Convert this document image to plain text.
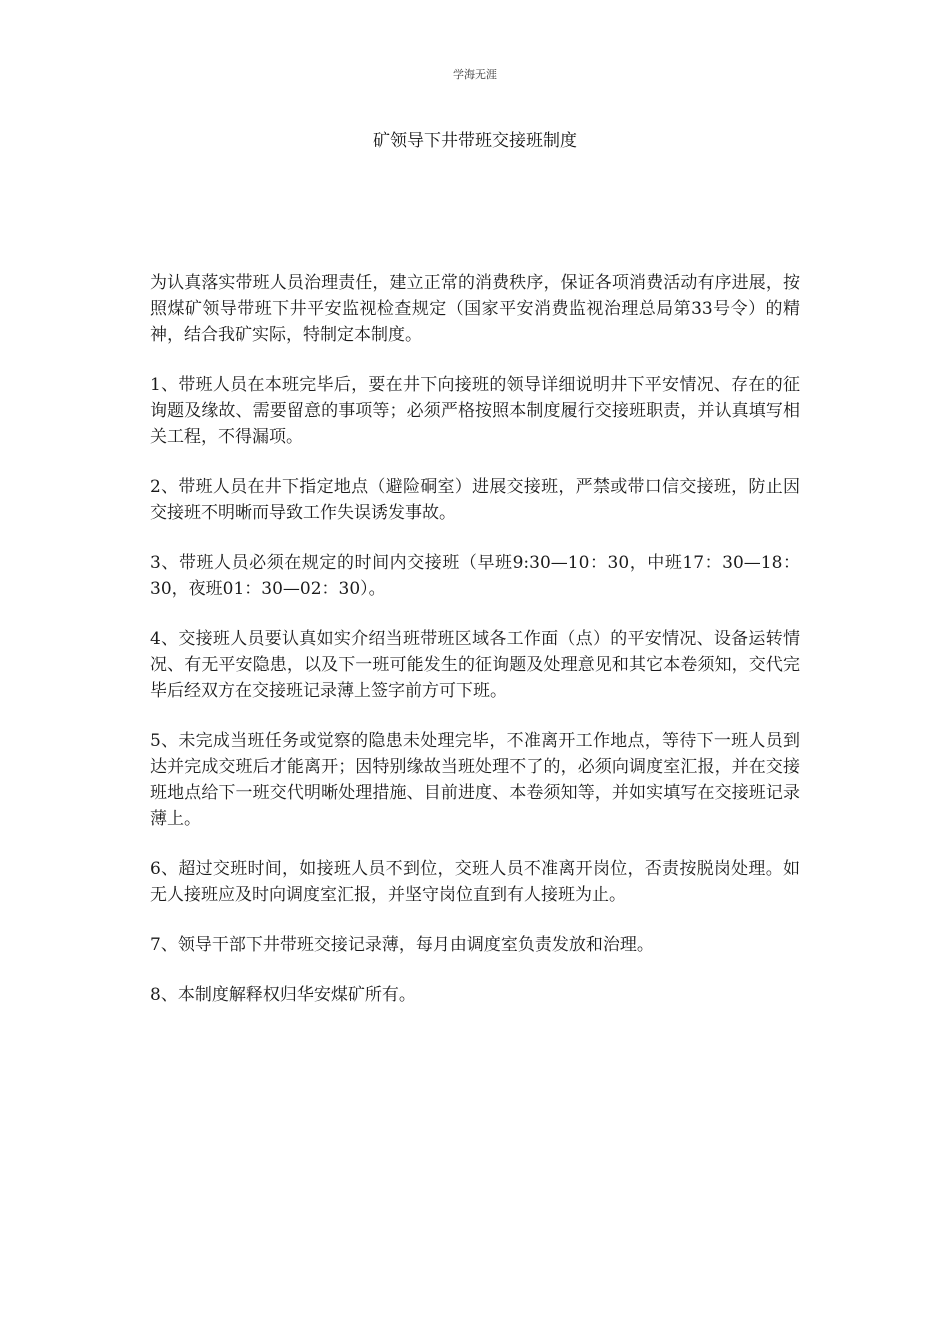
学海无涯
矿领导下井带班交接班制度

为认真落实带班人员治理责任，建立正常的消费秩序，保证各项消费活动有序进展，按照煤矿领导带班下井平安监视检查规定（国家平安消费监视治理总局第33号令）的精神，结合我矿实际，特制定本制度。

1、带班人员在本班完毕后，要在井下向接班的领导详细说明井下平安情况、存在的征询题及缘故、需要留意的事项等；必须严格按照本制度履行交接班职责，并认真填写相关工程，不得漏项。

2、带班人员在井下指定地点（避险硐室）进展交接班，严禁或带口信交接班，防止因交接班不明晰而导致工作失误诱发事故。

3、带班人员必须在规定的时间内交接班（早班9:30—10：30，中班17：30—18：30，夜班01：30—02：30）。

4、交接班人员要认真如实介绍当班带班区域各工作面（点）的平安情况、设备运转情况、有无平安隐患，以及下一班可能发生的征询题及处理意见和其它本卷须知，交代完毕后经双方在交接班记录薄上签字前方可下班。

5、未完成当班任务或觉察的隐患未处理完毕，不准离开工作地点，等待下一班人员到达并完成交班后才能离开；因特别缘故当班处理不了的，必须向调度室汇报，并在交接班地点给下一班交代明晰处理措施、目前进度、本卷须知等，并如实填写在交接班记录薄上。

6、超过交班时间，如接班人员不到位，交班人员不准离开岗位，否责按脱岗处理。如无人接班应及时向调度室汇报，并坚守岗位直到有人接班为止。

7、领导干部下井带班交接记录薄，每月由调度室负责发放和治理。

8、本制度解释权归华安煤矿所有。
